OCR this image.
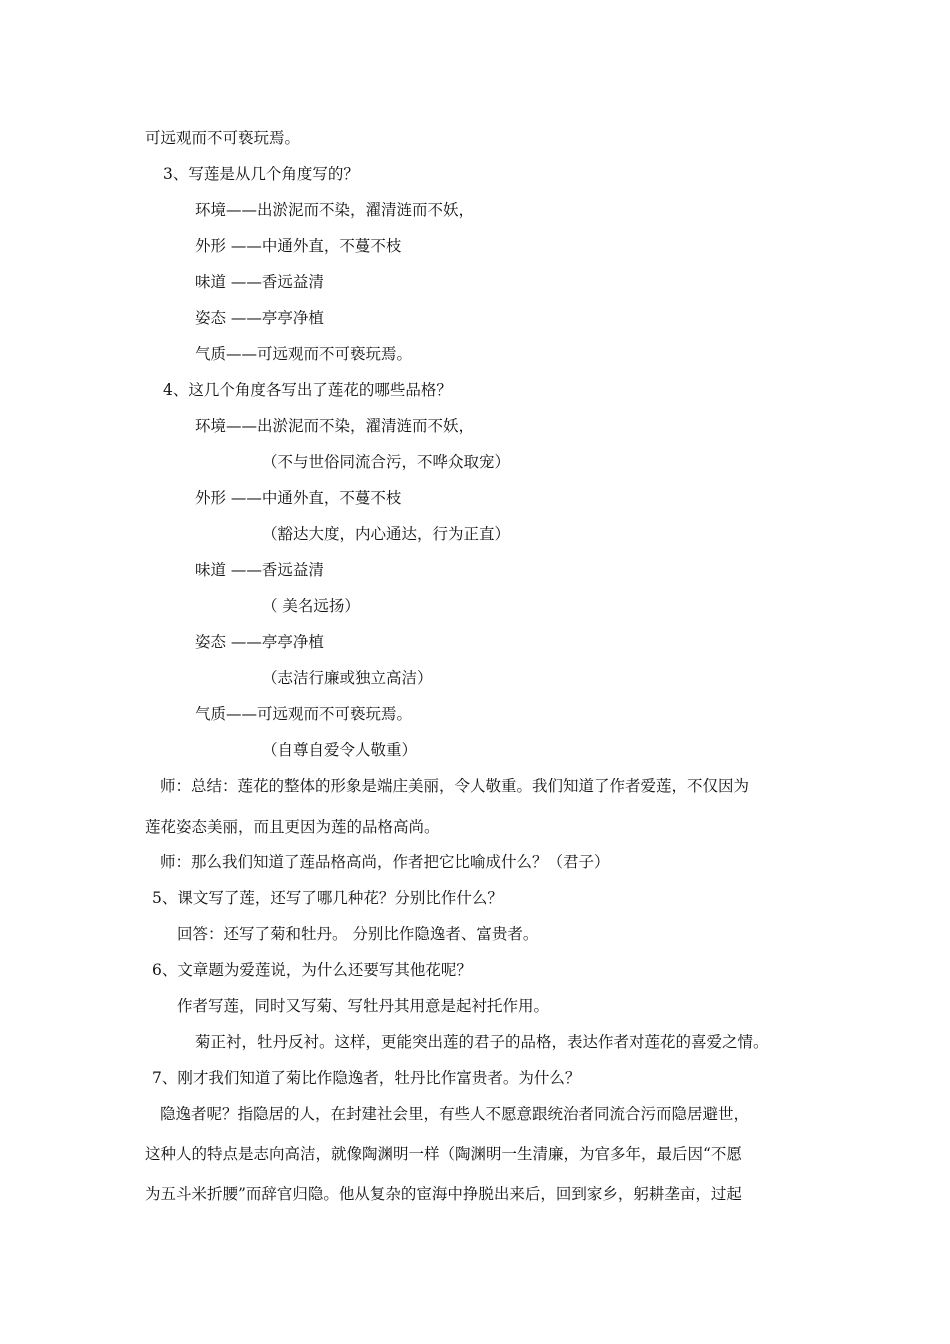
可远观而不可亵玩焉。
3、写莲是从几个角度写的？
环境——出淤泥而不染，濯清涟而不妖，
外形 ——中通外直，不蔓不枝
味道 ——香远益清
姿态 ——亭亭净植
气质——可远观而不可亵玩焉。
4、这几个角度各写出了莲花的哪些品格？
环境——出淤泥而不染，濯清涟而不妖，
（不与世俗同流合污，不哗众取宠）
外形 ——中通外直，不蔓不枝
（豁达大度，内心通达，行为正直）
味道 ——香远益清
（ 美名远扬）
姿态 ——亭亭净植
（志洁行廉或独立高洁）
气质——可远观而不可亵玩焉。
（自尊自爱令人敬重）
师：总结：莲花的整体的形象是端庄美丽，令人敬重。我们知道了作者爱莲，不仅因为
莲花姿态美丽，而且更因为莲的品格高尚。
师：那么我们知道了莲品格高尚，作者把它比喻成什么？（君子）
5、课文写了莲，还写了哪几种花？分别比作什么？
回答：还写了菊和牡丹。 分别比作隐逸者、富贵者。
6、文章题为爱莲说，为什么还要写其他花呢？
作者写莲，同时又写菊、写牡丹其用意是起衬托作用。
菊正衬，牡丹反衬。这样，更能突出莲的君子的品格，表达作者对莲花的喜爱之情。
7、刚才我们知道了菊比作隐逸者，牡丹比作富贵者。为什么？
隐逸者呢？指隐居的人，在封建社会里，有些人不愿意跟统治者同流合污而隐居避世，
这种人的特点是志向高洁，就像陶渊明一样（陶渊明一生清廉，为官多年，最后因“不愿
为五斗米折腰”而辞官归隐。他从复杂的宦海中挣脱出来后，回到家乡，躬耕垄亩，过起
